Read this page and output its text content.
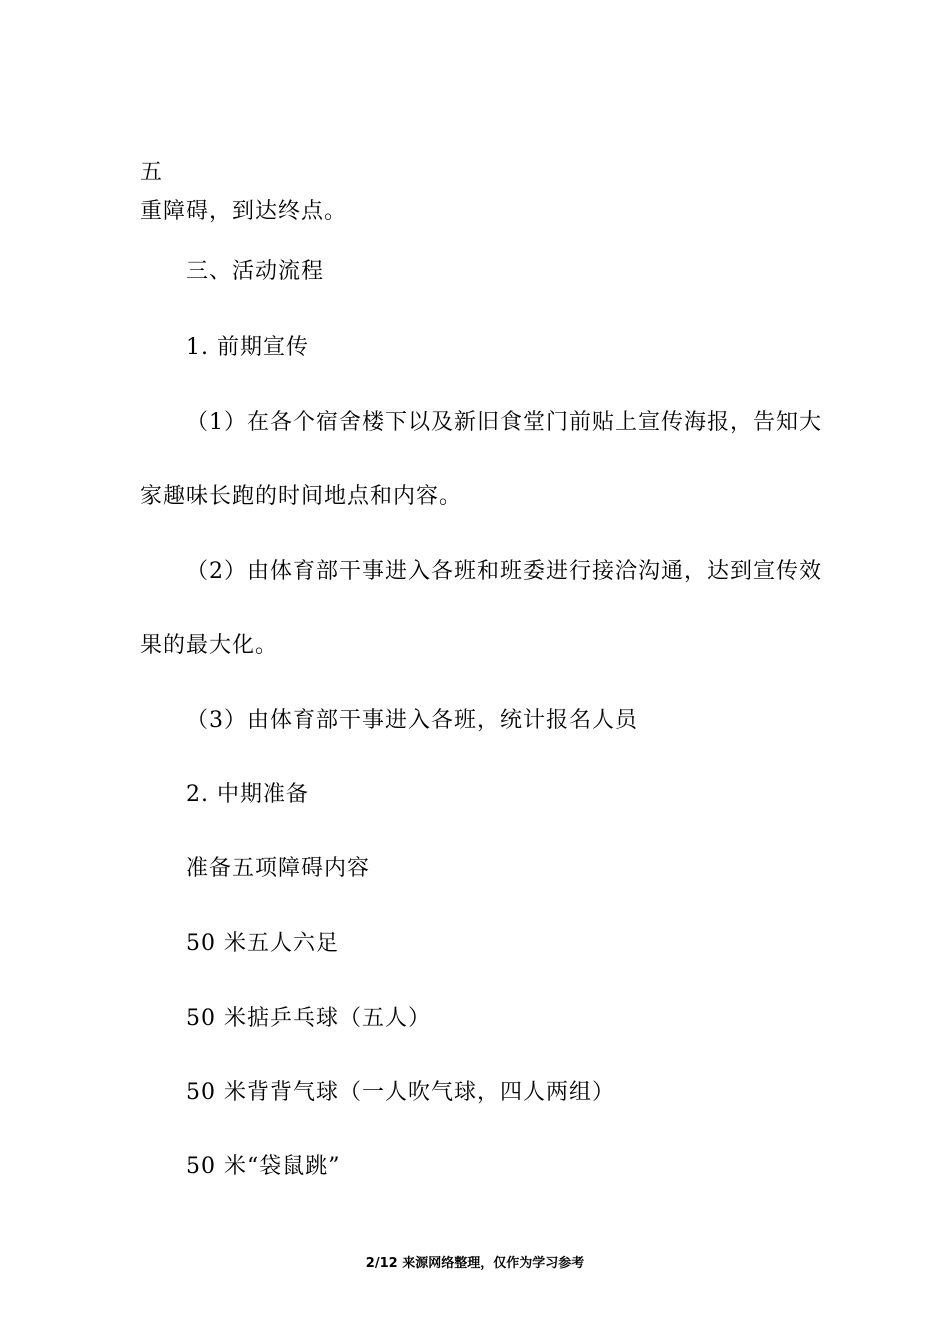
五
重障碍，到达终点。
三、活动流程
1. 前期宣传
（1）在各个宿舍楼下以及新旧食堂门前贴上宣传海报，告知大
家趣味长跑的时间地点和内容。
（2）由体育部干事进入各班和班委进行接洽沟通，达到宣传效
果的最大化。
（3）由体育部干事进入各班，统计报名人员
2. 中期准备
准备五项障碍内容
50 米五人六足
50 米掂乒乓球（五人）
50 米背背气球（一人吹气球，四人两组）
50 米“袋鼠跳”
2/12 来源网络整理，仅作为学习参考
